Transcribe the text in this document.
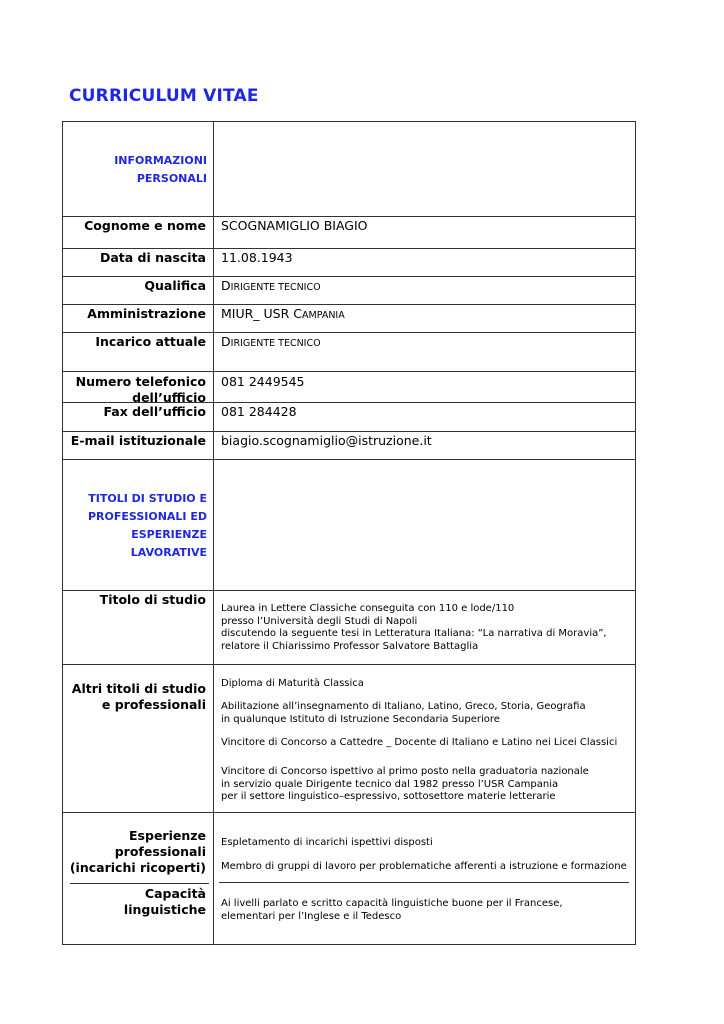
CURRICULUM VITAE
INFORMAZIONI
PERSONALI
Cognome e nome SCOGNAMIGLIO BIAGIO
Data di nascita 11.08.1943
Qualifica DIRIGENTE TECNICO
Amministrazione MIUR_ USR CAMPANIA
Incarico attuale DIRIGENTE TECNICO
Numero telefonico
dell’ufficio
081 2449545
Fax dell’ufficio 081 284428
E-mail istituzionale biagio.scognamiglio@istruzione.it
TITOLI DI STUDIO E
PROFESSIONALI ED
ESPERIENZE
LAVORATIVE
Titolo di studio
Laurea in Lettere Classiche conseguita con 110 e lode/110
presso l’Università degli Studi di Napoli
discutendo la seguente tesi in Letteratura Italiana: “La narrativa di Moravia”,
relatore il Chiarissimo Professor Salvatore Battaglia
Altri titoli di studio
e professionali
Diploma di Maturità Classica
Abilitazione all’insegnamento di Italiano, Latino, Greco, Storia, Geografia
in qualunque Istituto di Istruzione Secondaria Superiore
Vincitore di Concorso a Cattedre _ Docente di Italiano e Latino nei Licei Classici
Vincitore di Concorso ispettivo al primo posto nella graduatoria nazionale
in servizio quale Dirigente tecnico dal 1982 presso l’USR Campania
per il settore linguistico–espressivo, sottosettore materie letterarie
Esperienze
professionali
(incarichi ricoperti)
Espletamento di incarichi ispettivi disposti
Membro di gruppi di lavoro per problematiche afferenti a istruzione e formazione
Capacità
linguistiche Ai livelli parlato e scritto capacità linguistiche buone per il Francese,
elementari per l’Inglese e il Tedesco
